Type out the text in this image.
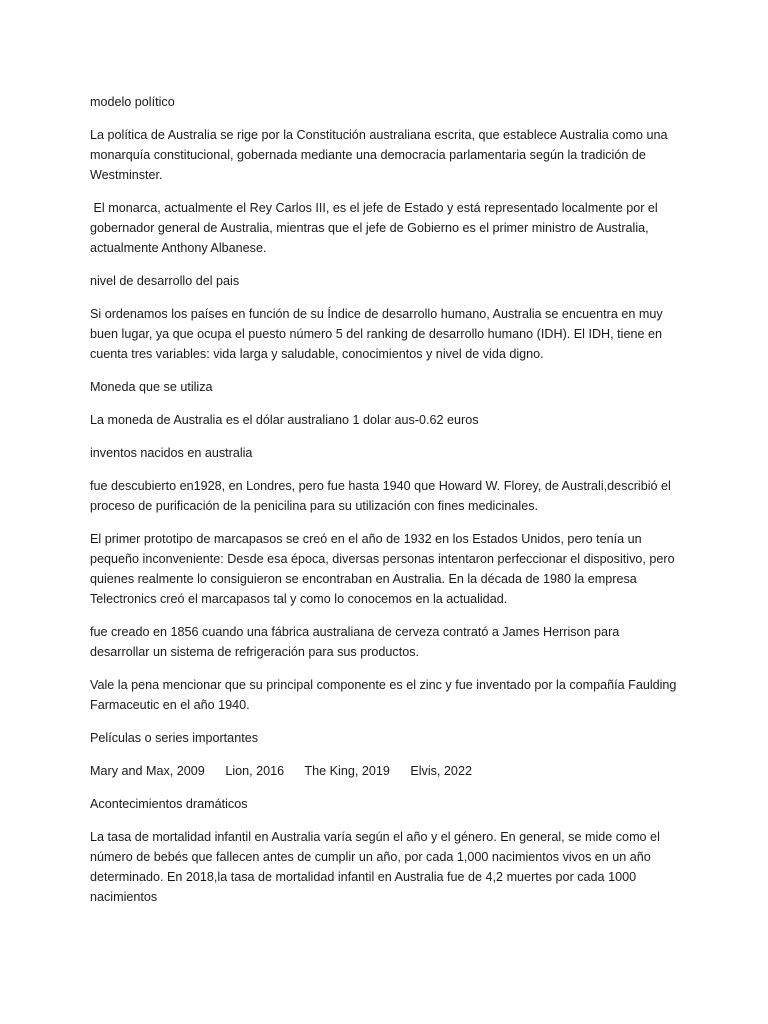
modelo político

La política de Australia se rige por la Constitución australiana escrita, que establece Australia como una monarquía constitucional, gobernada mediante una democracia parlamentaria según la tradición de Westminster.

El monarca, actualmente el Rey Carlos III, es el jefe de Estado y está representado localmente por el gobernador general de Australia, mientras que el jefe de Gobierno es el primer ministro de Australia, actualmente Anthony Albanese.

nivel de desarrollo del pais

Si ordenamos los países en función de su Índice de desarrollo humano, Australia se encuentra en muy buen lugar, ya que ocupa el puesto número 5 del ranking de desarrollo humano (IDH). El IDH, tiene en cuenta tres variables: vida larga y saludable, conocimientos y nivel de vida digno.

Moneda que se utiliza

La moneda de Australia es el dólar australiano 1 dolar aus-0.62 euros

inventos nacidos en australia

fue descubierto en1928, en Londres, pero fue hasta 1940 que Howard W. Florey, de Australi,describió el proceso de purificación de la penicilina para su utilización con fines medicinales.

El primer prototipo de marcapasos se creó en el año de 1932 en los Estados Unidos, pero tenía un pequeño inconveniente: Desde esa época, diversas personas intentaron perfeccionar el dispositivo, pero quienes realmente lo consiguieron se encontraban en Australia. En la década de 1980 la empresa Telectronics creó el marcapasos tal y como lo conocemos en la actualidad.

fue creado en 1856 cuando una fábrica australiana de cerveza contrató a James Herrison para desarrollar un sistema de refrigeración para sus productos.

Vale la pena mencionar que su principal componente es el zinc y fue inventado por la compañía Faulding Farmaceutic en el año 1940.

Películas o series importantes

Mary and Max, 2009 Lion, 2016 The King, 2019 Elvis, 2022

Acontecimientos dramáticos

La tasa de mortalidad infantil en Australia varía según el año y el género. En general, se mide como el número de bebés que fallecen antes de cumplir un año, por cada 1,000 nacimientos vivos en un año determinado. En 2018,la tasa de mortalidad infantil en Australia fue de 4,2 muertes por cada 1000 nacimientos
